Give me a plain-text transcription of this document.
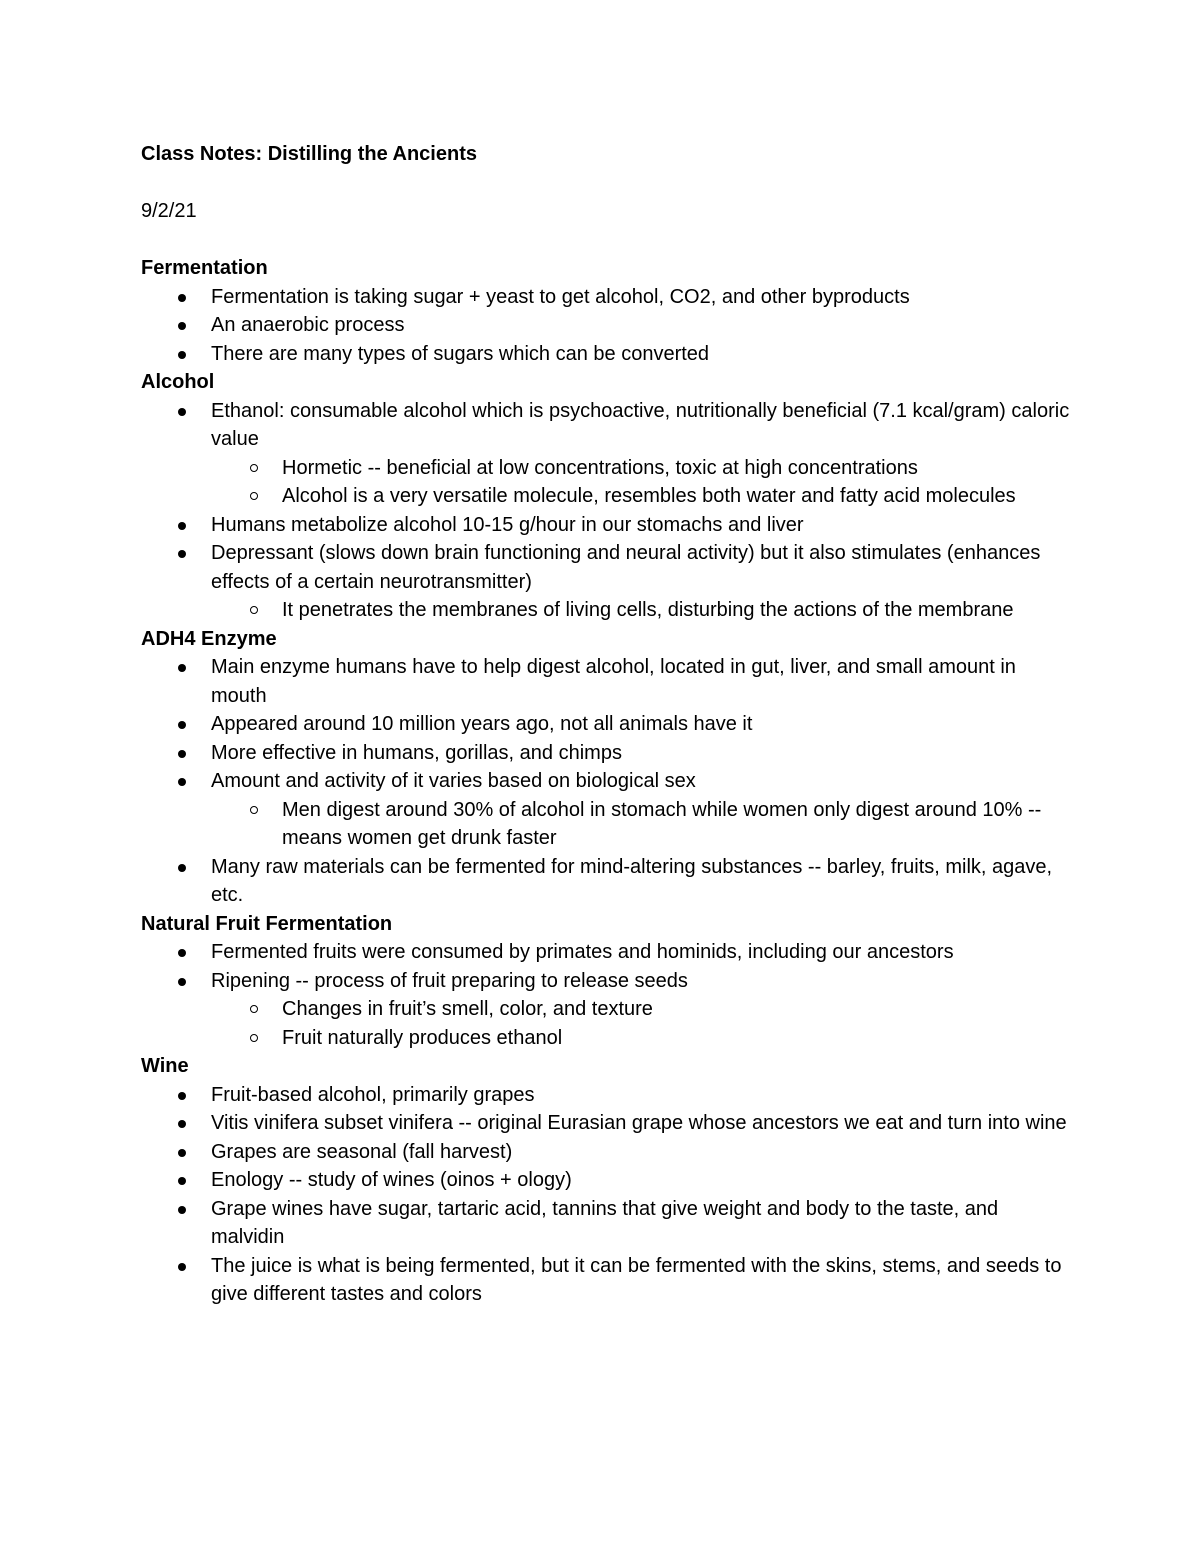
Class Notes: Distilling the Ancients
9/2/21
Fermentation
Fermentation is taking sugar + yeast to get alcohol, CO2, and other byproducts
An anaerobic process
There are many types of sugars which can be converted
Alcohol
Ethanol: consumable alcohol which is psychoactive, nutritionally beneficial (7.1 kcal/gram) caloric value
Hormetic -- beneficial at low concentrations, toxic at high concentrations
Alcohol is a very versatile molecule, resembles both water and fatty acid molecules
Humans metabolize alcohol 10-15 g/hour in our stomachs and liver
Depressant (slows down brain functioning and neural activity) but it also stimulates (enhances effects of a certain neurotransmitter)
It penetrates the membranes of living cells, disturbing the actions of the membrane
ADH4 Enzyme
Main enzyme humans have to help digest alcohol, located in gut, liver, and small amount in mouth
Appeared around 10 million years ago, not all animals have it
More effective in humans, gorillas, and chimps
Amount and activity of it varies based on biological sex
Men digest around 30% of alcohol in stomach while women only digest around 10% -- means women get drunk faster
Many raw materials can be fermented for mind-altering substances -- barley, fruits, milk, agave, etc.
Natural Fruit Fermentation
Fermented fruits were consumed by primates and hominids, including our ancestors
Ripening -- process of fruit preparing to release seeds
Changes in fruit’s smell, color, and texture
Fruit naturally produces ethanol
Wine
Fruit-based alcohol, primarily grapes
Vitis vinifera subset vinifera -- original Eurasian grape whose ancestors we eat and turn into wine
Grapes are seasonal (fall harvest)
Enology -- study of wines (oinos + ology)
Grape wines have sugar, tartaric acid, tannins that give weight and body to the taste, and malvidin
The juice is what is being fermented, but it can be fermented with the skins, stems, and seeds to give different tastes and colors
